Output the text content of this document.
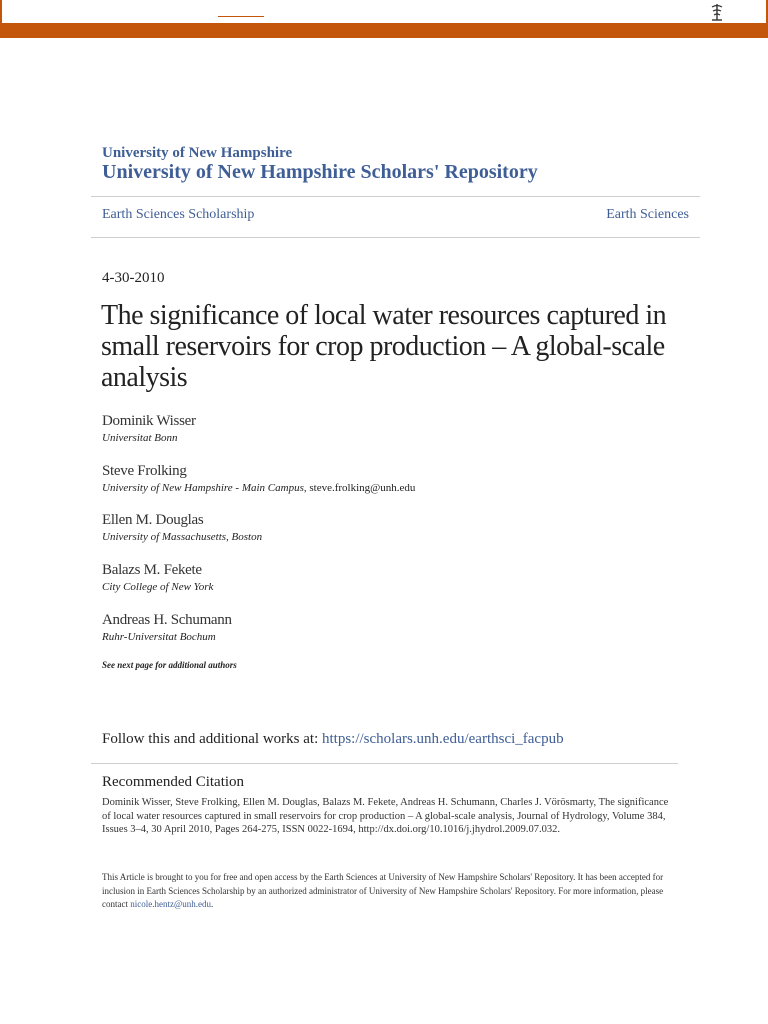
University of New Hampshire
University of New Hampshire Scholars' Repository
Earth Sciences Scholarship	Earth Sciences
4-30-2010
The significance of local water resources captured in small reservoirs for crop production – A global-scale analysis
Dominik Wisser
Universitat Bonn
Steve Frolking
University of New Hampshire - Main Campus, steve.frolking@unh.edu
Ellen M. Douglas
University of Massachusetts, Boston
Balazs M. Fekete
City College of New York
Andreas H. Schumann
Ruhr-Universitat Bochum
See next page for additional authors
Follow this and additional works at: https://scholars.unh.edu/earthsci_facpub
Recommended Citation
Dominik Wisser, Steve Frolking, Ellen M. Douglas, Balazs M. Fekete, Andreas H. Schumann, Charles J. Vörösmarty, The significance of local water resources captured in small reservoirs for crop production – A global-scale analysis, Journal of Hydrology, Volume 384, Issues 3–4, 30 April 2010, Pages 264-275, ISSN 0022-1694, http://dx.doi.org/10.1016/j.jhydrol.2009.07.032.
This Article is brought to you for free and open access by the Earth Sciences at University of New Hampshire Scholars' Repository. It has been accepted for inclusion in Earth Sciences Scholarship by an authorized administrator of University of New Hampshire Scholars' Repository. For more information, please contact nicole.hentz@unh.edu.
